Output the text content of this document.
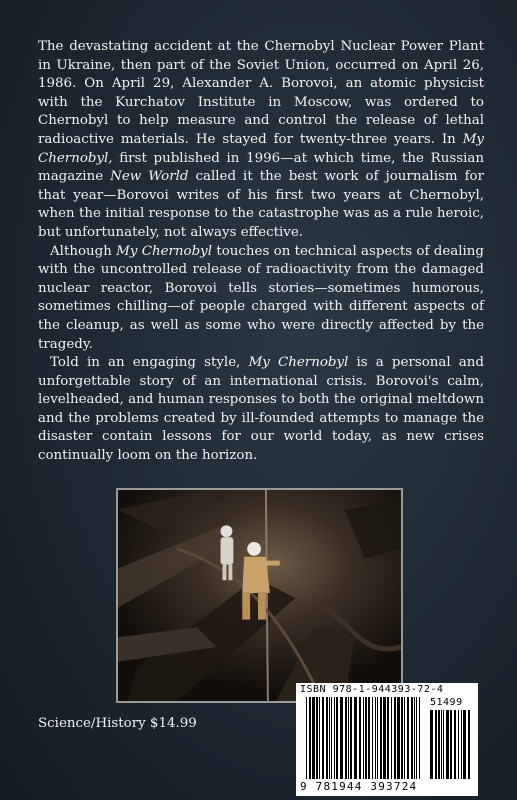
The devastating accident at the Chernobyl Nuclear Power Plant in Ukraine, then part of the Soviet Union, occurred on April 26, 1986. On April 29, Alexander A. Borovoi, an atomic physicist with the Kurchatov Institute in Moscow, was ordered to Chernobyl to help measure and control the release of lethal radioactive materials. He stayed for twenty-three years. In My Chernobyl, first published in 1996—at which time, the Russian magazine New World called it the best work of journalism for that year—Borovoi writes of his first two years at Chernobyl, when the initial response to the catastrophe was as a rule heroic, but unfortunately, not always effective.

Although My Chernobyl touches on technical aspects of dealing with the uncontrolled release of radioactivity from the damaged nuclear reactor, Borovoi tells stories—sometimes humorous, sometimes chilling—of people charged with different aspects of the cleanup, as well as some who were directly affected by the tragedy.

Told in an engaging style, My Chernobyl is a personal and unforgettable story of an international crisis. Borovoi's calm, levelheaded, and human responses to both the original meltdown and the problems created by ill-founded attempts to manage the disaster contain lessons for our world today, as new crises continually loom on the horizon.

Science/History $14.99
ISBN 978-1-944393-72-4
51499
9 781944 393724
